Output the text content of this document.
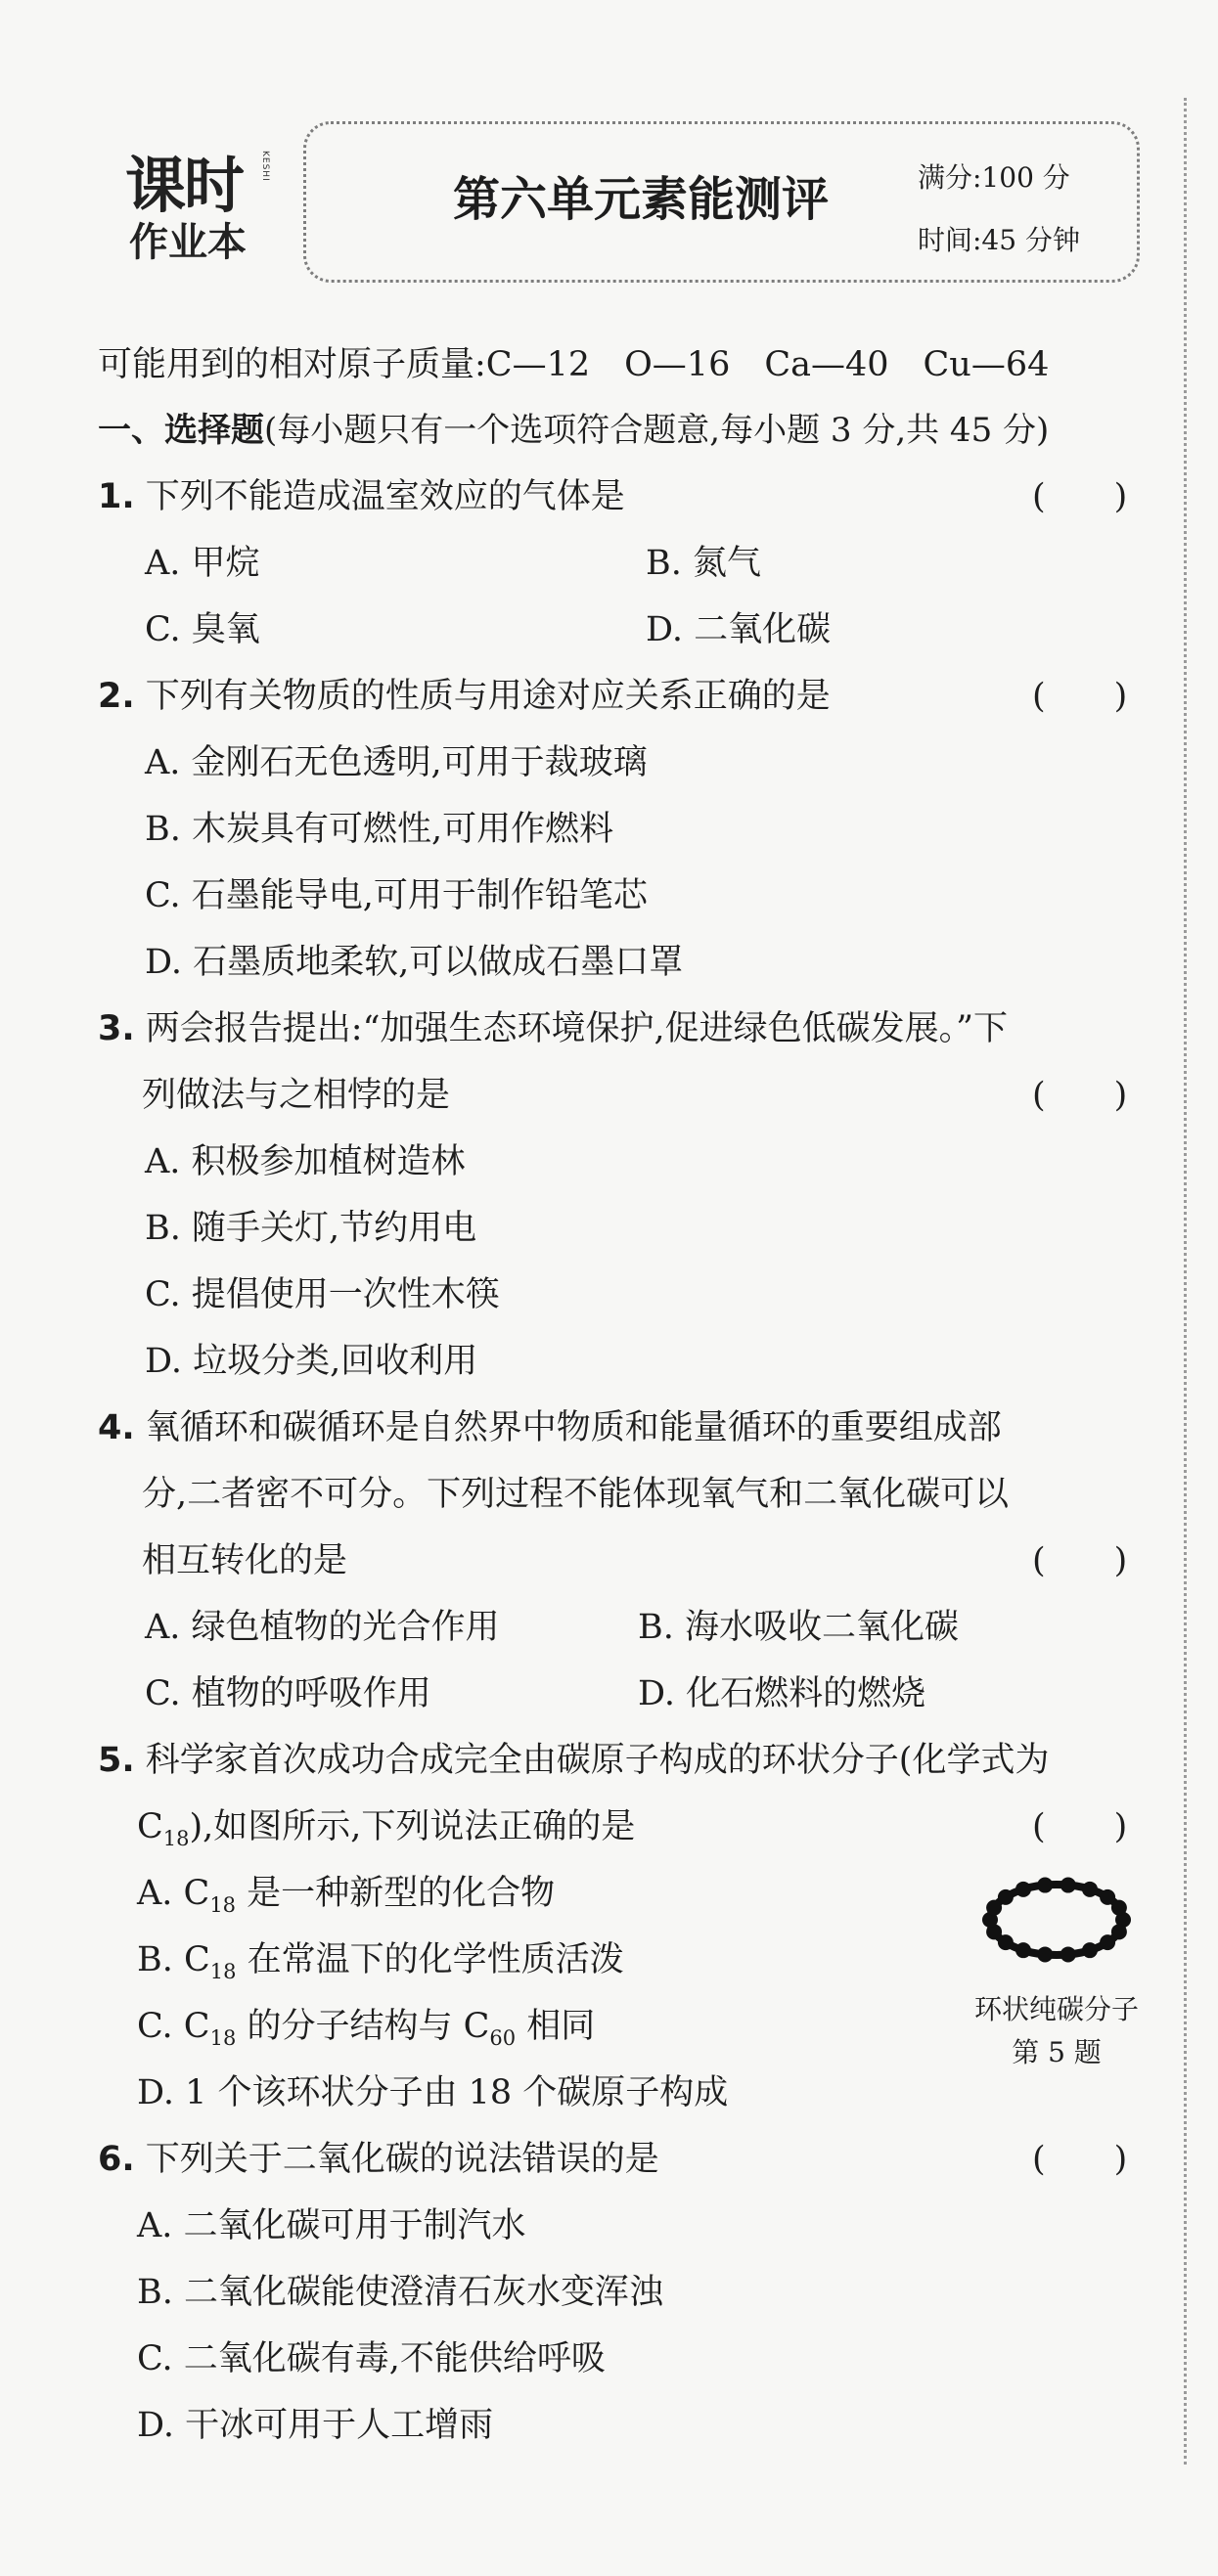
课时 KESHI
作业本
第六单元素能测评	满分:100 分
时间:45 分钟
可能用到的相对原子质量:C—12　O—16　Ca—40　Cu—64
一、选择题(每小题只有一个选项符合题意,每小题 3 分,共 45 分)
1. 下列不能造成温室效应的气体是	(　　)
A. 甲烷	B. 氮气
C. 臭氧	D. 二氧化碳
2. 下列有关物质的性质与用途对应关系正确的是	(　　)
A. 金刚石无色透明,可用于裁玻璃
B. 木炭具有可燃性,可用作燃料
C. 石墨能导电,可用于制作铅笔芯
D. 石墨质地柔软,可以做成石墨口罩
3. 两会报告提出:“加强生态环境保护,促进绿色低碳发展。”下
列做法与之相悖的是	(　　)
A. 积极参加植树造林
B. 随手关灯,节约用电
C. 提倡使用一次性木筷
D. 垃圾分类,回收利用
4. 氧循环和碳循环是自然界中物质和能量循环的重要组成部
分,二者密不可分。下列过程不能体现氧气和二氧化碳可以
相互转化的是	(　　)
A. 绿色植物的光合作用	B. 海水吸收二氧化碳
C. 植物的呼吸作用	D. 化石燃料的燃烧
5. 科学家首次成功合成完全由碳原子构成的环状分子(化学式为
$C_{18}$),如图所示,下列说法正确的是	(　　)
A. $C_{18}$ 是一种新型的化合物
B. $C_{18}$ 在常温下的化学性质活泼
C. $C_{18}$ 的分子结构与 $C_{60}$ 相同
D. 1 个该环状分子由 18 个碳原子构成
环状纯碳分子
第 5 题
6. 下列关于二氧化碳的说法错误的是	(　　)
A. 二氧化碳可用于制汽水
B. 二氧化碳能使澄清石灰水变浑浊
C. 二氧化碳有毒,不能供给呼吸
D. 干冰可用于人工增雨
